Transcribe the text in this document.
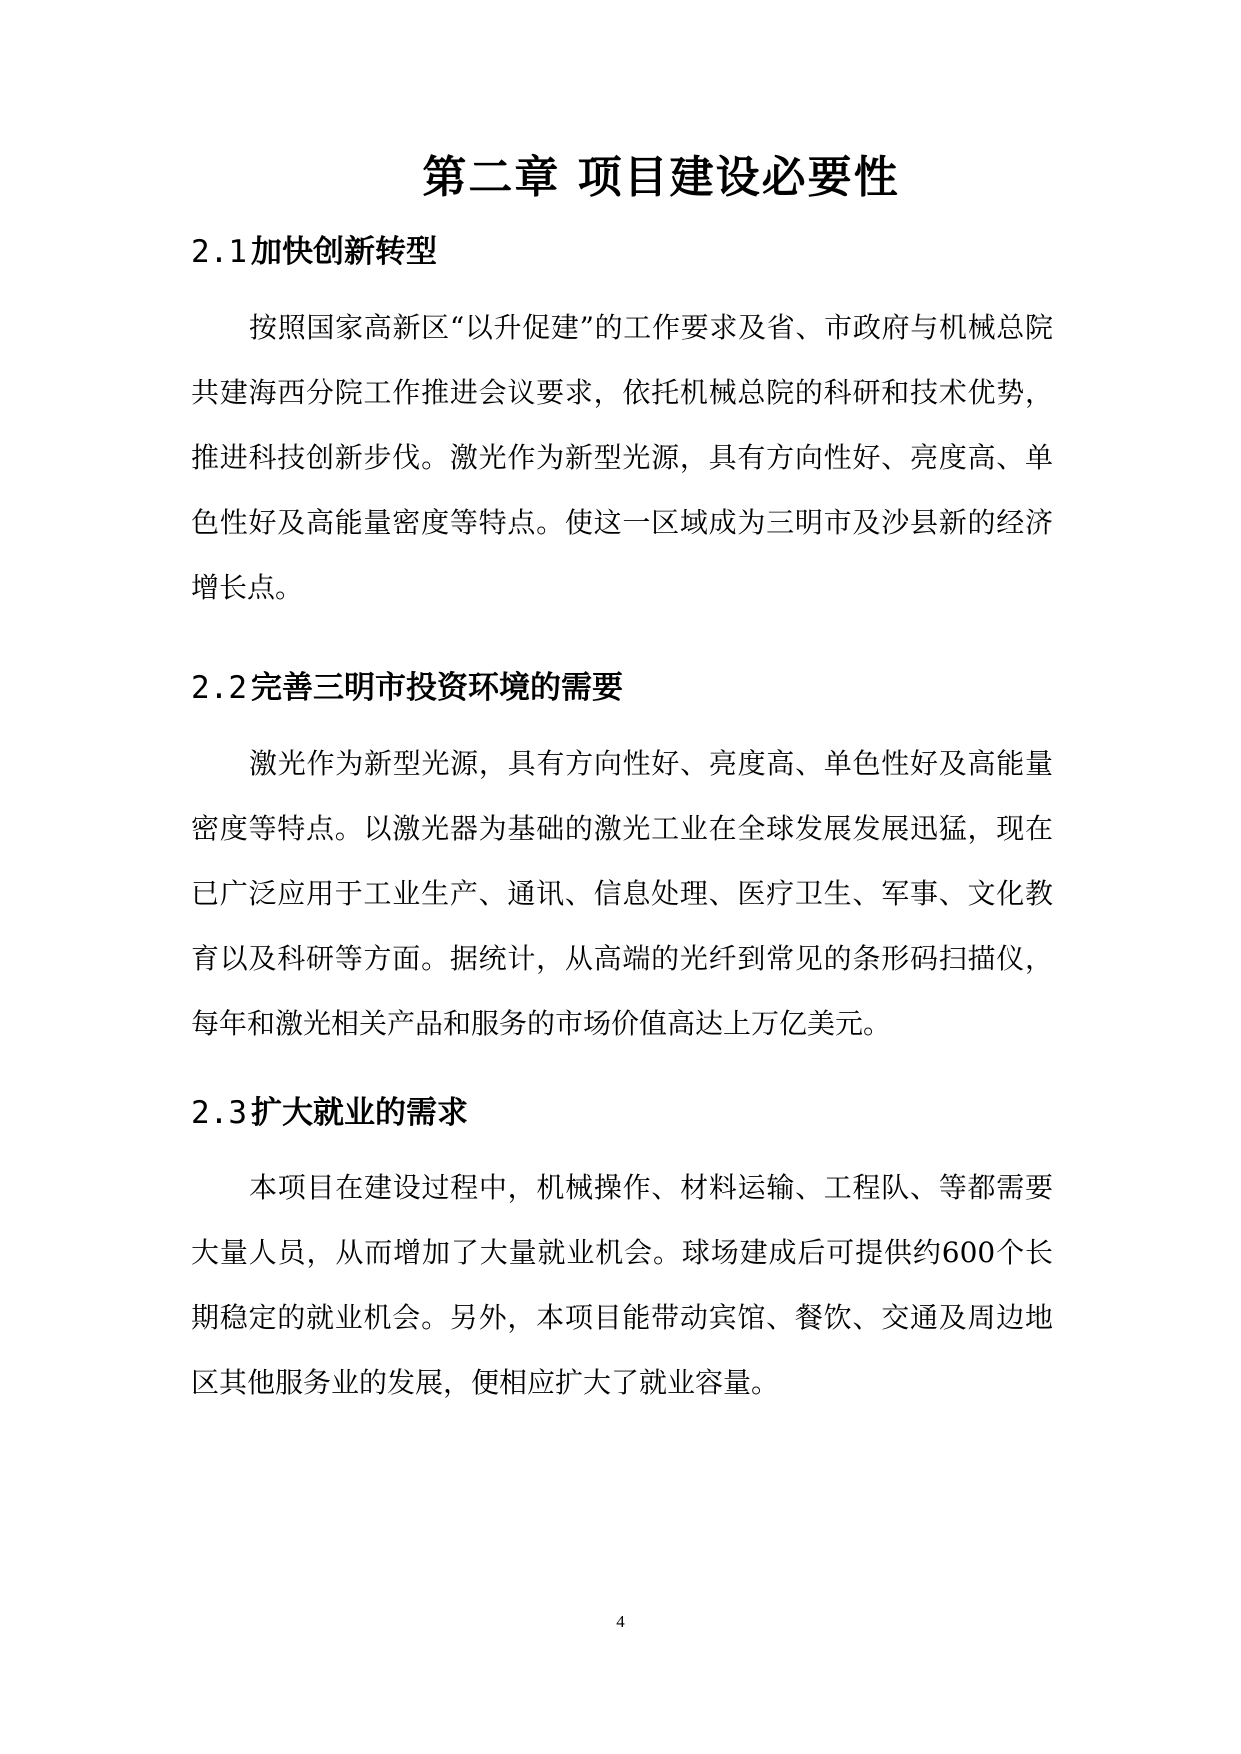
第二章 项目建设必要性
2.1 加快创新转型

按照国家高新区“以升促建”的工作要求及省、市政府与机械总院共建海西分院工作推进会议要求，依托机械总院的科研和技术优势，推进科技创新步伐。激光作为新型光源，具有方向性好、亮度高、单色性好及高能量密度等特点。使这一区域成为三明市及沙县新的经济增长点。

2.2 完善三明市投资环境的需要

激光作为新型光源，具有方向性好、亮度高、单色性好及高能量密度等特点。以激光器为基础的激光工业在全球发展发展迅猛，现在已广泛应用于工业生产、通讯、信息处理、医疗卫生、军事、文化教育以及科研等方面。据统计，从高端的光纤到常见的条形码扫描仪，每年和激光相关产品和服务的市场价值高达上万亿美元。

2.3 扩大就业的需求

本项目在建设过程中，机械操作、材料运输、工程队、等都需要大量人员，从而增加了大量就业机会。球场建成后可提供约600个长期稳定的就业机会。另外，本项目能带动宾馆、餐饮、交通及周边地区其他服务业的发展，便相应扩大了就业容量。

4
